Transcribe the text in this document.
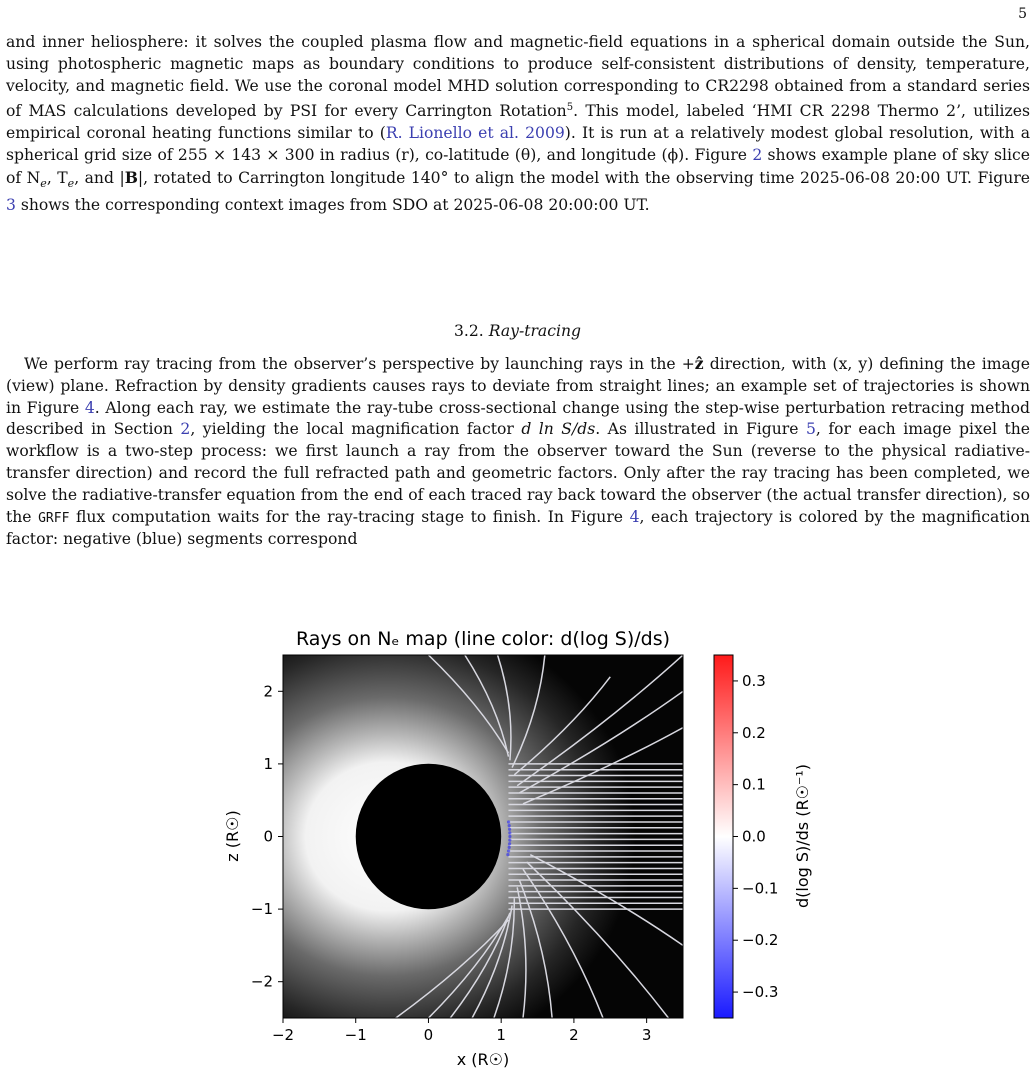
5

and inner heliosphere: it solves the coupled plasma flow and magnetic-field equations in a spherical domain outside the Sun, using photospheric magnetic maps as boundary conditions to produce self-consistent distributions of density, temperature, velocity, and magnetic field. We use the coronal model MHD solution corresponding to CR2298 obtained from a standard series of MAS calculations developed by PSI for every Carrington Rotation$^5$. This model, labeled ‘HMI CR 2298 Thermo 2’, utilizes empirical coronal heating functions similar to (R. Lionello et al. 2009). It is run at a relatively modest global resolution, with a spherical grid size of 255 × 143 × 300 in radius (r), co-latitude (θ), and longitude (ϕ). Figure 2 shows example plane of sky slice of $N_e$, $T_e$, and |B|, rotated to Carrington longitude 140° to align the model with the observing time 2025-06-08 20:00 UT. Figure 3 shows the corresponding context images from SDO at 2025-06-08 20:00:00 UT.

3.2. Ray-tracing

We perform ray tracing from the observer’s perspective by launching rays in the +ẑ direction, with (x, y) defining the image (view) plane. Refraction by density gradients causes rays to deviate from straight lines; an example set of trajectories is shown in Figure 4. Along each ray, we estimate the ray-tube cross-sectional change using the step-wise perturbation retracing method described in Section 2, yielding the local magnification factor d ln S/ds. As illustrated in Figure 5, for each image pixel the workflow is a two-step process: we first launch a ray from the observer toward the Sun (reverse to the physical radiative-transfer direction) and record the full refracted path and geometric factors. Only after the ray tracing has been completed, we solve the radiative-transfer equation from the end of each traced ray back toward the observer (the actual transfer direction), so the GRFF flux computation waits for the ray-tracing stage to finish. In Figure 4, each trajectory is colored by the magnification factor: negative (blue) segments correspond

Rays on Nₑ map (line color: d(log S)/ds)
−2	−1	0	1	2	3
2
1
0
−1
−2
x (R☉)
z (R☉)
0.3
0.2
0.1
0.0
−0.1
−0.2
−0.3
d(log S)/ds (R☉⁻¹)
